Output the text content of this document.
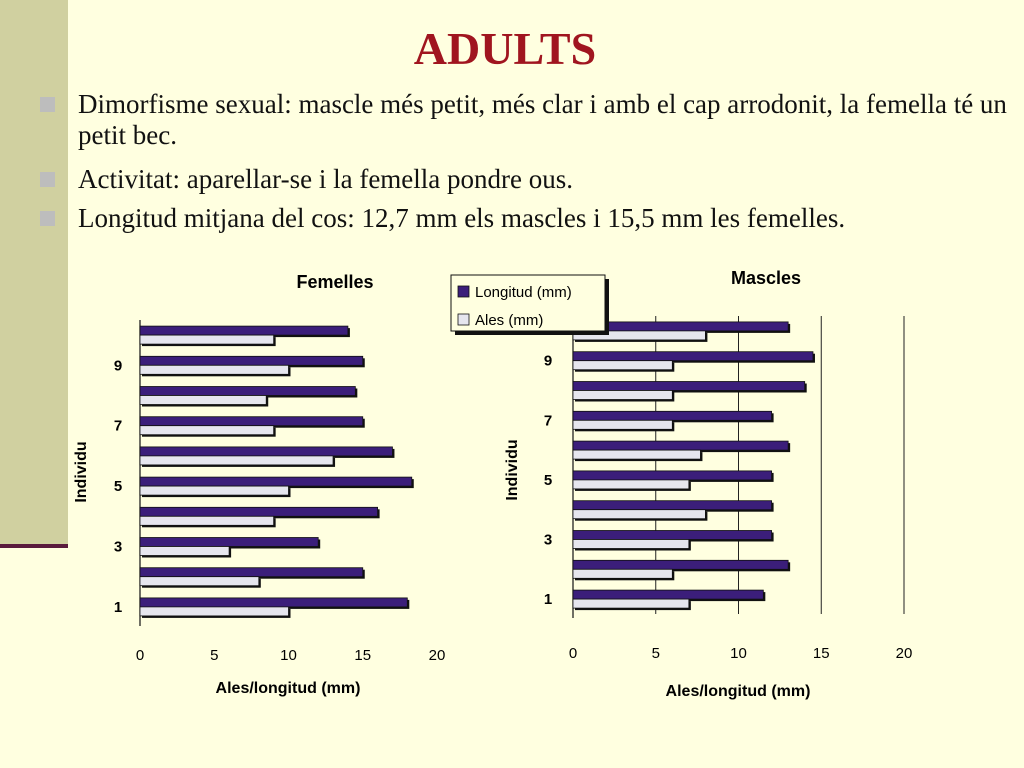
ADULTS
Dimorfisme sexual: mascle més petit, més clar i amb el cap arrodonit, la femella té un petit bec.
Activitat: aparellar-se i la femella pondre ous.
Longitud mitjana del cos: 12,7 mm els mascles i 15,5 mm les femelles.
1
3
5
7
9
0	5	10	15	20
Femelles
Ales/longitud (mm)
Individu
1
3
5
7
9
0	5	10	15	20
Mascles
Ales/longitud (mm)
Individu
Longitud (mm)
Ales (mm)
